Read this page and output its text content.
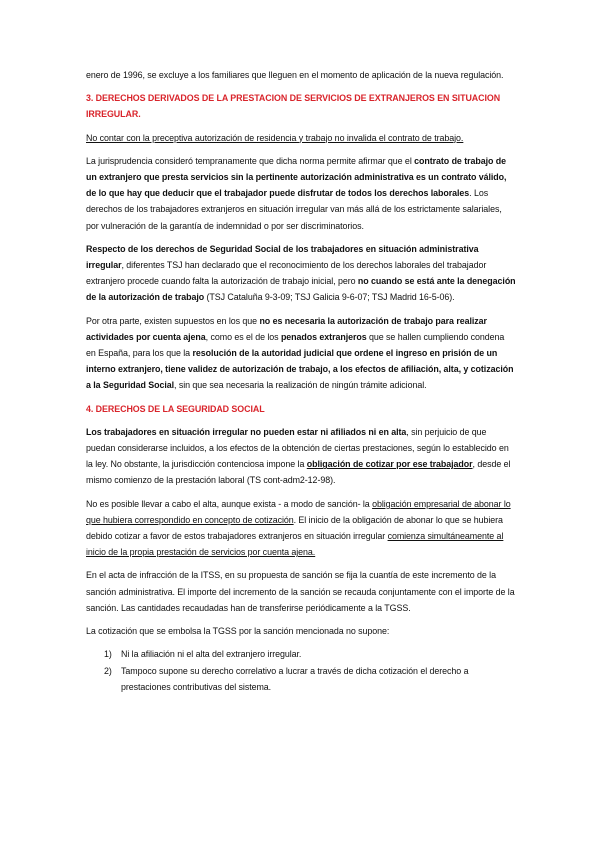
enero de 1996, se excluye a los familiares que lleguen en el momento de aplicación de la nueva regulación.

3. DERECHOS DERIVADOS DE LA PRESTACION DE SERVICIOS DE EXTRANJEROS EN SITUACION IRREGULAR.

No contar con la preceptiva autorización de residencia y trabajo no invalida el contrato de trabajo.

La jurisprudencia consideró tempranamente que dicha norma permite afirmar que el contrato de trabajo de un extranjero que presta servicios sin la pertinente autorización administrativa es un contrato válido, de lo que hay que deducir que el trabajador puede disfrutar de todos los derechos laborales. Los derechos de los trabajadores extranjeros en situación irregular van más allá de los estrictamente salariales, por vulneración de la garantía de indemnidad o por ser discriminatorios.

Respecto de los derechos de Seguridad Social de los trabajadores en situación administrativa irregular, diferentes TSJ han declarado que el reconocimiento de los derechos laborales del trabajador extranjero procede cuando falta la autorización de trabajo inicial, pero no cuando se está ante la denegación de la autorización de trabajo (TSJ Cataluña 9-3-09; TSJ Galicia 9-6-07; TSJ Madrid 16-5-06).

Por otra parte, existen supuestos en los que no es necesaria la autorización de trabajo para realizar actividades por cuenta ajena, como es el de los penados extranjeros que se hallen cumpliendo condena en España, para los que la resolución de la autoridad judicial que ordene el ingreso en prisión de un interno extranjero, tiene validez de autorización de trabajo, a los efectos de afiliación, alta, y cotización a la Seguridad Social, sin que sea necesaria la realización de ningún trámite adicional.

4. DERECHOS DE LA SEGURIDAD SOCIAL

Los trabajadores en situación irregular no pueden estar ni afiliados ni en alta, sin perjuicio de que puedan considerarse incluidos, a los efectos de la obtención de ciertas prestaciones, según lo establecido en la ley. No obstante, la jurisdicción contenciosa impone la obligación de cotizar por ese trabajador, desde el mismo comienzo de la prestación laboral (TS cont-adm2-12-98).

No es posible llevar a cabo el alta, aunque exista - a modo de sanción- la obligación empresarial de abonar lo que hubiera correspondido en concepto de cotización. El inicio de la obligación de abonar lo que se hubiera debido cotizar a favor de estos trabajadores extranjeros en situación irregular comienza simultáneamente al inicio de la propia prestación de servicios por cuenta ajena.

En el acta de infracción de la ITSS, en su propuesta de sanción se fija la cuantía de este incremento de la sanción administrativa. El importe del incremento de la sanción se recauda conjuntamente con el importe de la sanción. Las cantidades recaudadas han de transferirse periódicamente a la TGSS.

La cotización que se embolsa la TGSS por la sanción mencionada no supone:

1) Ni la afiliación ni el alta del extranjero irregular.
2) Tampoco supone su derecho correlativo a lucrar a través de dicha cotización el derecho a prestaciones contributivas del sistema.
